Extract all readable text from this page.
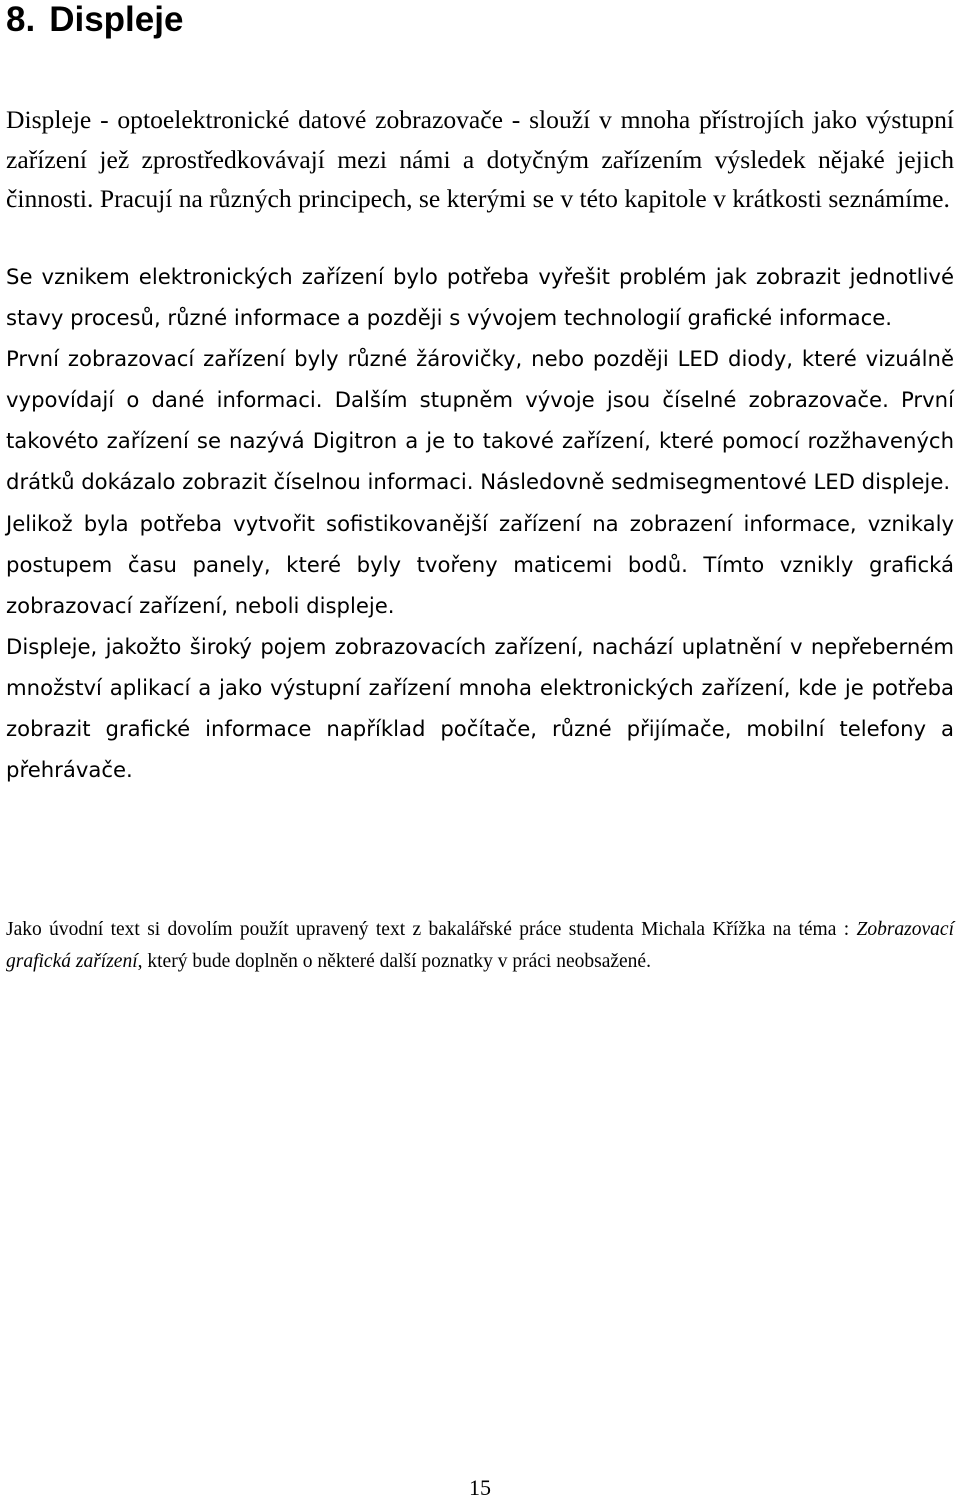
8. Displeje

Displeje - optoelektronické datové zobrazovače - slouží v mnoha přístrojích jako výstupní zařízení jež zprostředkovávají mezi námi a dotyčným zařízením výsledek nějaké jejich činnosti. Pracují na různých principech, se kterými se v této kapitole v krátkosti seznámíme.

Se vznikem elektronických zařízení bylo potřeba vyřešit problém jak zobrazit jednotlivé stavy procesů, různé informace a později s vývojem technologií grafické informace.

První zobrazovací zařízení byly různé žárovičky, nebo později LED diody, které vizuálně vypovídají o dané informaci. Dalším stupněm vývoje jsou číselné zobrazovače. První takovéto zařízení se nazývá Digitron a je to takové zařízení, které pomocí rozžhavených drátků dokázalo zobrazit číselnou informaci. Následovně sedmisegmentové LED displeje.

Jelikož byla potřeba vytvořit sofistikovanější zařízení na zobrazení informace, vznikaly postupem času panely, které byly tvořeny maticemi bodů. Tímto vznikly grafická zobrazovací zařízení, neboli displeje.

Displeje, jakožto široký pojem zobrazovacích zařízení, nachází uplatnění v nepřeberném množství aplikací a jako výstupní zařízení mnoha elektronických zařízení, kde je potřeba zobrazit grafické informace například počítače, různé přijímače, mobilní telefony a přehrávače.

Jako úvodní text si dovolím použít upravený text z bakalářské práce studenta Michala Křížka na téma : Zobrazovací grafická zařízení, který bude doplněn o některé další poznatky v práci neobsažené.

15
